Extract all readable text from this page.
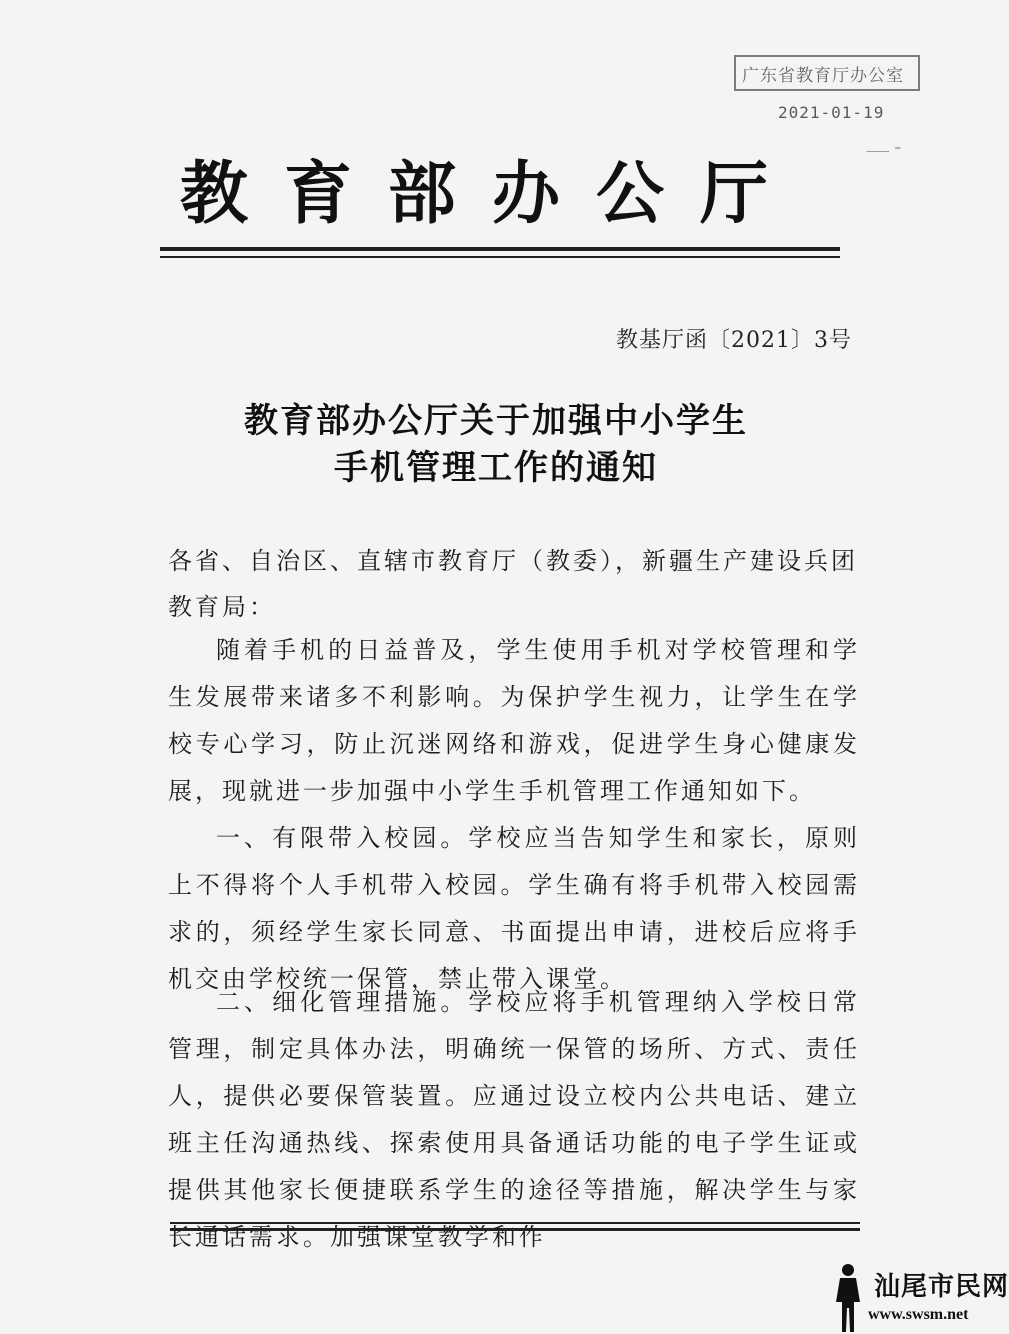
广东省教育厅办公室
2021-01-19
⸺ ⁼
教育部办公厅
教基厅函〔2021〕3号
教育部办公厅关于加强中小学生
手机管理工作的通知
各省、自治区、直辖市教育厅（教委），新疆生产建设兵团教育局：
随着手机的日益普及，学生使用手机对学校管理和学生发展带来诸多不利影响。为保护学生视力，让学生在学校专心学习，防止沉迷网络和游戏，促进学生身心健康发展，现就进一步加强中小学生手机管理工作通知如下。
一、有限带入校园。学校应当告知学生和家长，原则上不得将个人手机带入校园。学生确有将手机带入校园需求的，须经学生家长同意、书面提出申请，进校后应将手机交由学校统一保管，禁止带入课堂。
二、细化管理措施。学校应将手机管理纳入学校日常管理，制定具体办法，明确统一保管的场所、方式、责任人，提供必要保管装置。应通过设立校内公共电话、建立班主任沟通热线、探索使用具备通话功能的电子学生证或提供其他家长便捷联系学生的途径等措施，解决学生与家长通话需求。加强课堂教学和作
汕尾市民网
www.swsm.net
